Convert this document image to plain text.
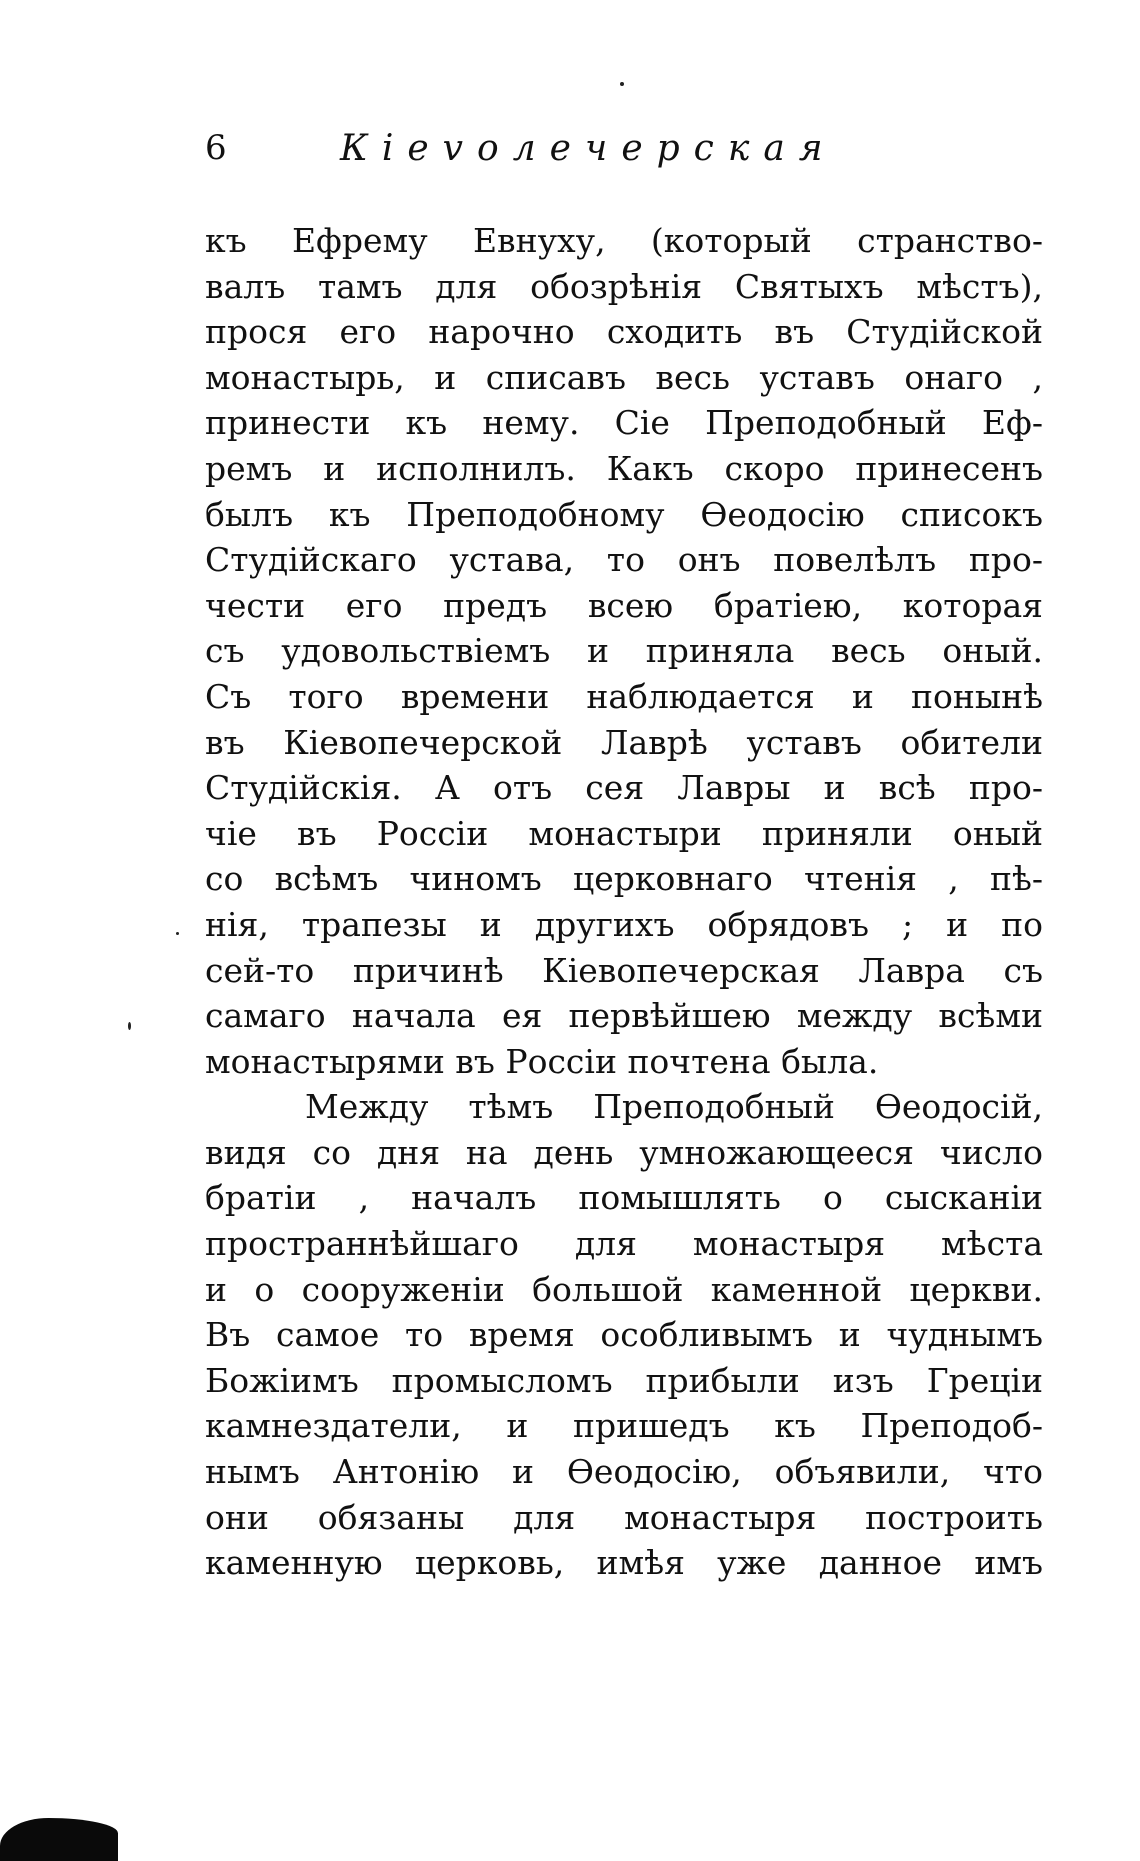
6	Кievолечерская
къ Ефрему Евнуху, (который странство-
валъ тамъ для обозрѣнія Святыхъ мѣстъ),
прося его нарочно сходить въ Студійской
монастырь, и списавъ весь уставъ онаго ,
принести къ нему. Сіе Преподобный Еф-
ремъ и исполнилъ. Какъ скоро принесенъ
былъ къ Преподобному Ѳеодосію списокъ
Студійскаго устава, то онъ повелѣлъ про-
чести его предъ всею братіею, которая
съ удовольствіемъ и приняла весь оный.
Съ того времени наблюдается и понынѣ
въ Кіевопечерской Лаврѣ уставъ обители
Студійскія. А отъ сея Лавры и всѣ про-
чіе въ Россіи монастыри приняли оный
со всѣмъ чиномъ церковнаго чтенія , пѣ-
нія, трапезы и другихъ обрядовъ ; и по
сей-то причинѣ Кіевопечерская Лавра съ
самаго начала ея первѣйшею между всѣми
монастырями въ Россіи почтена была.
Между тѣмъ Преподобный Ѳеодосій,
видя со дня на день умножающееся число
братіи , началъ помышлять о сысканіи
пространнѣйшаго для монастыря мѣста
и о сооруженіи большой каменной церкви.
Въ самое то время особливымъ и чуднымъ
Божіимъ промысломъ прибыли изъ Греціи
камнездатели, и пришедъ къ Преподоб-
нымъ Антонію и Ѳеодосію, объявили, что
они обязаны для монастыря построить
каменную церковь, имѣя уже данное имъ
